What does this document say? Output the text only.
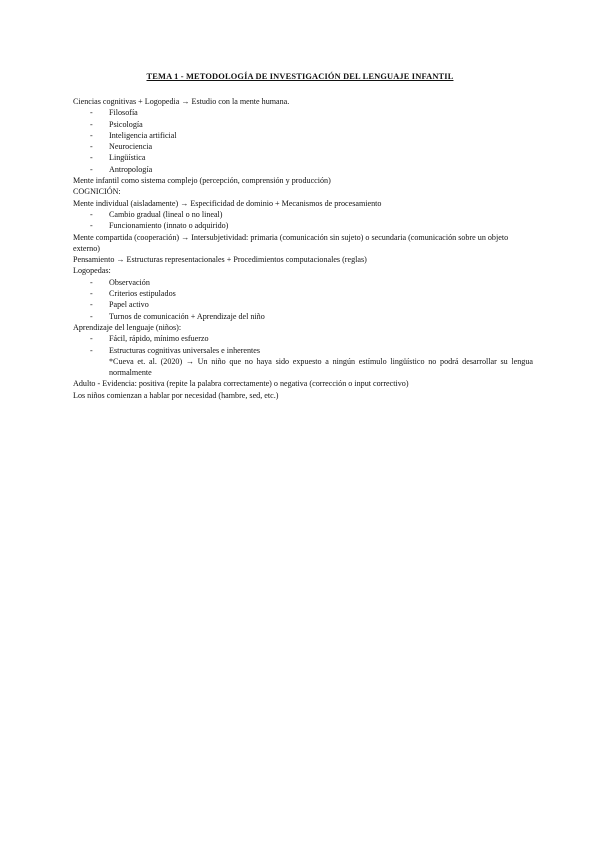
TEMA 1 - METODOLOGÍA DE INVESTIGACIÓN DEL LENGUAJE INFANTIL
Ciencias cognitivas + Logopedia → Estudio con la mente humana.
- Filosofía
- Psicología
- Inteligencia artificial
- Neurociencia
- Lingüística
- Antropología
Mente infantil como sistema complejo (percepción, comprensión y producción)
COGNICIÓN:
Mente individual (aisladamente) → Especificidad de dominio + Mecanismos de procesamiento
- Cambio gradual (lineal o no lineal)
- Funcionamiento (innato o adquirido)
Mente compartida (cooperación) → Intersubjetividad: primaria (comunicación sin sujeto) o secundaria (comunicación sobre un objeto externo)
Pensamiento → Estructuras representacionales + Procedimientos computacionales (reglas)
Logopedas:
- Observación
- Criterios estipulados
- Papel activo
- Turnos de comunicación + Aprendizaje del niño
Aprendizaje del lenguaje (niños):
- Fácil, rápido, mínimo esfuerzo
- Estructuras cognitivas universales e inherentes
*Cueva et. al. (2020) → Un niño que no haya sido expuesto a ningún estímulo lingüístico no podrá desarrollar su lengua normalmente
Adulto - Evidencia: positiva (repite la palabra correctamente) o negativa (corrección o input correctivo)
Los niños comienzan a hablar por necesidad (hambre, sed, etc.)
